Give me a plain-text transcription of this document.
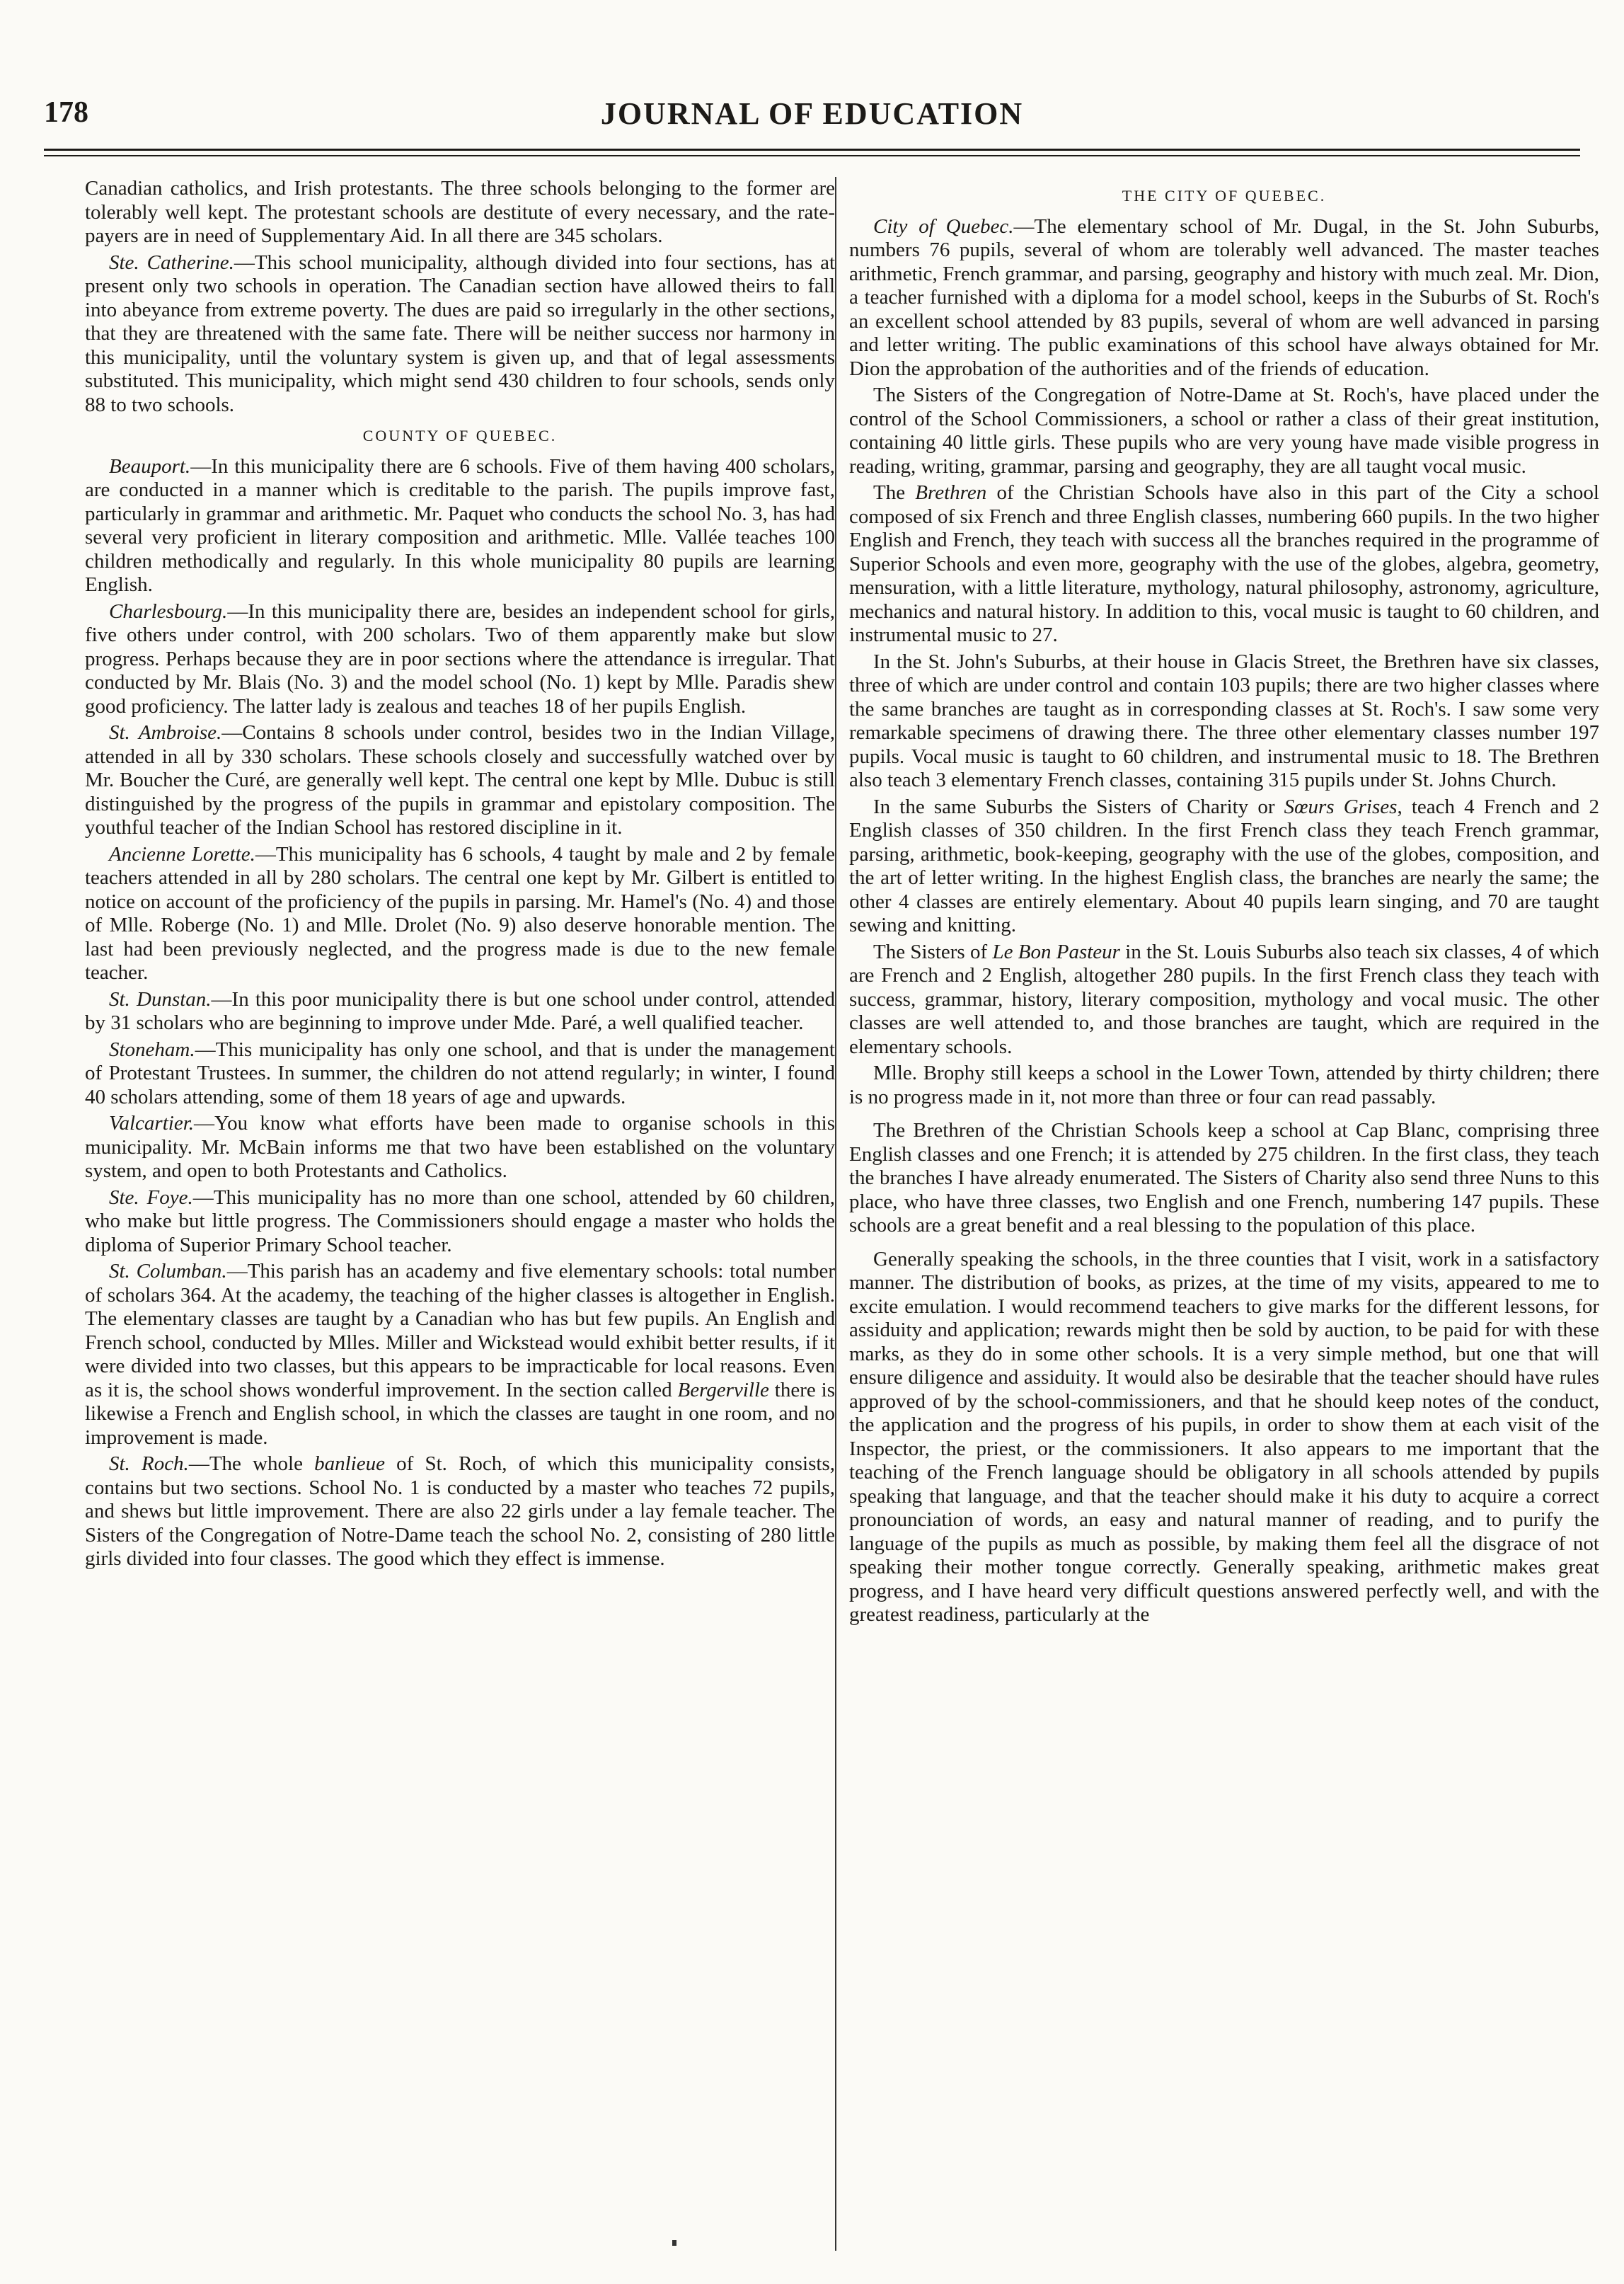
178	JOURNAL OF EDUCATION

Canadian catholics, and Irish protestants. The three schools belonging to the former are tolerably well kept. The protestant schools are destitute of every necessary, and the rate-payers are in need of Supplementary Aid. In all there are 345 scholars.

Ste. Catherine.—This school municipality, although divided into four sections, has at present only two schools in operation. The Canadian section have allowed theirs to fall into abeyance from extreme poverty. The dues are paid so irregularly in the other sections, that they are threatened with the same fate. There will be neither success nor harmony in this municipality, until the voluntary system is given up, and that of legal assessments substituted. This municipality, which might send 430 children to four schools, sends only 88 to two schools.

COUNTY OF QUEBEC.

Beauport.—In this municipality there are 6 schools. Five of them having 400 scholars, are conducted in a manner which is creditable to the parish. The pupils improve fast, particularly in grammar and arithmetic. Mr. Paquet who conducts the school No. 3, has had several very proficient in literary composition and arithmetic. Mlle. Vallée teaches 100 children methodically and regularly. In this whole municipality 80 pupils are learning English.

Charlesbourg.—In this municipality there are, besides an independent school for girls, five others under control, with 200 scholars. Two of them apparently make but slow progress. Perhaps because they are in poor sections where the attendance is irregular. That conducted by Mr. Blais (No. 3) and the model school (No. 1) kept by Mlle. Paradis shew good proficiency. The latter lady is zealous and teaches 18 of her pupils English.

St. Ambroise.—Contains 8 schools under control, besides two in the Indian Village, attended in all by 330 scholars. These schools closely and successfully watched over by Mr. Boucher the Curé, are generally well kept. The central one kept by Mlle. Dubuc is still distinguished by the progress of the pupils in grammar and epistolary composition. The youthful teacher of the Indian School has restored discipline in it.

Ancienne Lorette.—This municipality has 6 schools, 4 taught by male and 2 by female teachers attended in all by 280 scholars. The central one kept by Mr. Gilbert is entitled to notice on account of the proficiency of the pupils in parsing. Mr. Hamel's (No. 4) and those of Mlle. Roberge (No. 1) and Mlle. Drolet (No. 9) also deserve honorable mention. The last had been previously neglected, and the progress made is due to the new female teacher.

St. Dunstan.—In this poor municipality there is but one school under control, attended by 31 scholars who are beginning to improve under Mde. Paré, a well qualified teacher.

Stoneham.—This municipality has only one school, and that is under the management of Protestant Trustees. In summer, the children do not attend regularly; in winter, I found 40 scholars attending, some of them 18 years of age and upwards.

Valcartier.—You know what efforts have been made to organise schools in this municipality. Mr. McBain informs me that two have been established on the voluntary system, and open to both Protestants and Catholics.

Ste. Foye.—This municipality has no more than one school, attended by 60 children, who make but little progress. The Commissioners should engage a master who holds the diploma of Superior Primary School teacher.

St. Columban.—This parish has an academy and five elementary schools: total number of scholars 364. At the academy, the teaching of the higher classes is altogether in English. The elementary classes are taught by a Canadian who has but few pupils. An English and French school, conducted by Mlles. Miller and Wickstead would exhibit better results, if it were divided into two classes, but this appears to be impracticable for local reasons. Even as it is, the school shows wonderful improvement. In the section called Bergerville there is likewise a French and English school, in which the classes are taught in one room, and no improvement is made.

St. Roch.—The whole banlieue of St. Roch, of which this municipality consists, contains but two sections. School No. 1 is conducted by a master who teaches 72 pupils, and shews but little improvement. There are also 22 girls under a lay female teacher. The Sisters of the Congregation of Notre-Dame teach the school No. 2, consisting of 280 little girls divided into four classes. The good which they effect is immense.

THE CITY OF QUEBEC.

City of Quebec.—The elementary school of Mr. Dugal, in the St. John Suburbs, numbers 76 pupils, several of whom are tolerably well advanced. The master teaches arithmetic, French grammar, and parsing, geography and history with much zeal. Mr. Dion, a teacher furnished with a diploma for a model school, keeps in the Suburbs of St. Roch's an excellent school attended by 83 pupils, several of whom are well advanced in parsing and letter writing. The public examinations of this school have always obtained for Mr. Dion the approbation of the authorities and of the friends of education.

The Sisters of the Congregation of Notre-Dame at St. Roch's, have placed under the control of the School Commissioners, a school or rather a class of their great institution, containing 40 little girls. These pupils who are very young have made visible progress in reading, writing, grammar, parsing and geography, they are all taught vocal music.

The Brethren of the Christian Schools have also in this part of the City a school composed of six French and three English classes, numbering 660 pupils. In the two higher English and French, they teach with success all the branches required in the programme of Superior Schools and even more, geography with the use of the globes, algebra, geometry, mensuration, with a little literature, mythology, natural philosophy, astronomy, agriculture, mechanics and natural history. In addition to this, vocal music is taught to 60 children, and instrumental music to 27.

In the St. John's Suburbs, at their house in Glacis Street, the Brethren have six classes, three of which are under control and contain 103 pupils; there are two higher classes where the same branches are taught as in corresponding classes at St. Roch's. I saw some very remarkable specimens of drawing there. The three other elementary classes number 197 pupils. Vocal music is taught to 60 children, and instrumental music to 18. The Brethren also teach 3 elementary French classes, containing 315 pupils under St. Johns Church.

In the same Suburbs the Sisters of Charity or Sœurs Grises, teach 4 French and 2 English classes of 350 children. In the first French class they teach French grammar, parsing, arithmetic, book-keeping, geography with the use of the globes, composition, and the art of letter writing. In the highest English class, the branches are nearly the same; the other 4 classes are entirely elementary. About 40 pupils learn singing, and 70 are taught sewing and knitting.

The Sisters of Le Bon Pasteur in the St. Louis Suburbs also teach six classes, 4 of which are French and 2 English, altogether 280 pupils. In the first French class they teach with success, grammar, history, literary composition, mythology and vocal music. The other classes are well attended to, and those branches are taught, which are required in the elementary schools.

Mlle. Brophy still keeps a school in the Lower Town, attended by thirty children; there is no progress made in it, not more than three or four can read passably.

The Brethren of the Christian Schools keep a school at Cap Blanc, comprising three English classes and one French; it is attended by 275 children. In the first class, they teach the branches I have already enumerated. The Sisters of Charity also send three Nuns to this place, who have three classes, two English and one French, numbering 147 pupils. These schools are a great benefit and a real blessing to the population of this place.

Generally speaking the schools, in the three counties that I visit, work in a satisfactory manner. The distribution of books, as prizes, at the time of my visits, appeared to me to excite emulation. I would recommend teachers to give marks for the different lessons, for assiduity and application; rewards might then be sold by auction, to be paid for with these marks, as they do in some other schools. It is a very simple method, but one that will ensure diligence and assiduity. It would also be desirable that the teacher should have rules approved of by the school-commissioners, and that he should keep notes of the conduct, the application and the progress of his pupils, in order to show them at each visit of the Inspector, the priest, or the commissioners. It also appears to me important that the teaching of the French language should be obligatory in all schools attended by pupils speaking that language, and that the teacher should make it his duty to acquire a correct pronounciation of words, an easy and natural manner of reading, and to purify the language of the pupils as much as possible, by making them feel all the disgrace of not speaking their mother tongue correctly. Generally speaking, arithmetic makes great progress, and I have heard very difficult questions answered perfectly well, and with the greatest readiness, particularly at the
